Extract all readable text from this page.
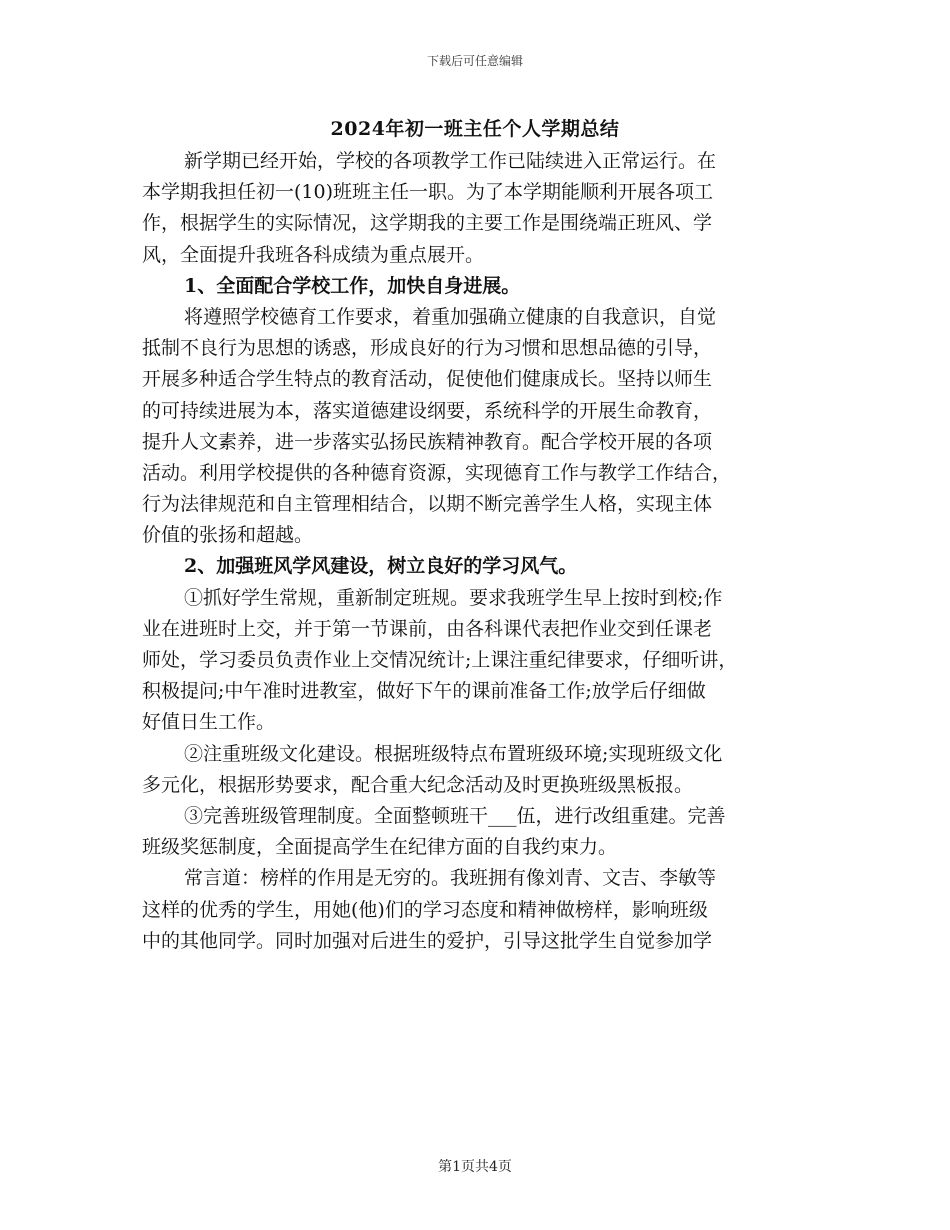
下载后可任意编辑
2024年初一班主任个人学期总结
新学期已经开始，学校的各项教学工作已陆续进入正常运行。在
本学期我担任初一(10)班班主任一职。为了本学期能顺利开展各项工
作，根据学生的实际情况，这学期我的主要工作是围绕端正班风、学
风，全面提升我班各科成绩为重点展开。
1、全面配合学校工作，加快自身进展。
将遵照学校德育工作要求，着重加强确立健康的自我意识，自觉
抵制不良行为思想的诱惑，形成良好的行为习惯和思想品德的引导，
开展多种适合学生特点的教育活动，促使他们健康成长。坚持以师生
的可持续进展为本，落实道德建设纲要，系统科学的开展生命教育，
提升人文素养，进一步落实弘扬民族精神教育。配合学校开展的各项
活动。利用学校提供的各种德育资源，实现德育工作与教学工作结合，
行为法律规范和自主管理相结合，以期不断完善学生人格，实现主体
价值的张扬和超越。
2、加强班风学风建设，树立良好的学习风气。
①抓好学生常规，重新制定班规。要求我班学生早上按时到校;作
业在进班时上交，并于第一节课前，由各科课代表把作业交到任课老
师处，学习委员负责作业上交情况统计;上课注重纪律要求，仔细听讲，
积极提问;中午准时进教室，做好下午的课前准备工作;放学后仔细做
好值日生工作。
②注重班级文化建设。根据班级特点布置班级环境;实现班级文化
多元化，根据形势要求，配合重大纪念活动及时更换班级黑板报。
③完善班级管理制度。全面整顿班干___伍，进行改组重建。完善
班级奖惩制度，全面提高学生在纪律方面的自我约束力。
常言道：榜样的作用是无穷的。我班拥有像刘青、文吉、李敏等
这样的优秀的学生，用她(他)们的学习态度和精神做榜样，影响班级
中的其他同学。同时加强对后进生的爱护，引导这批学生自觉参加学
第1页共4页
